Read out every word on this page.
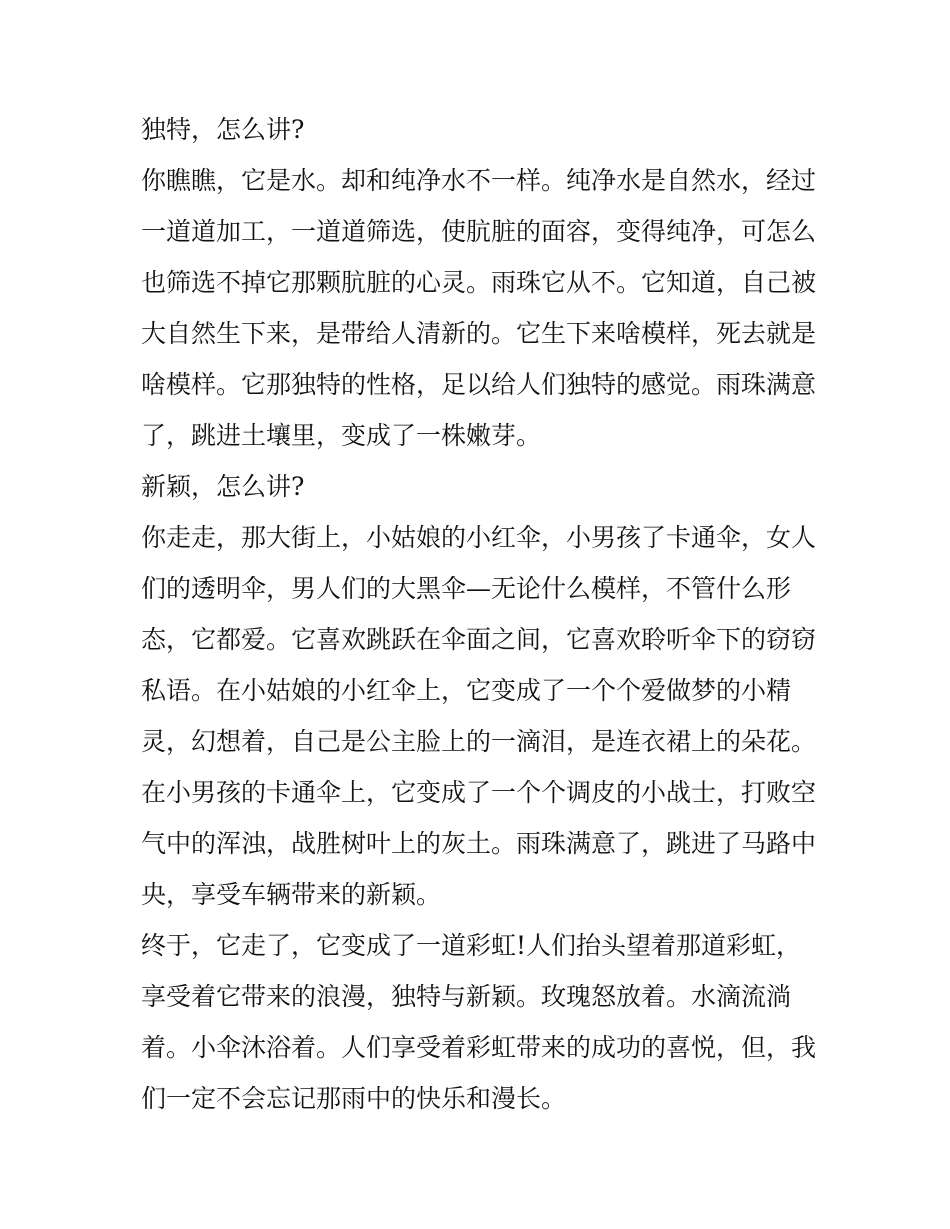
独特，怎么讲?
你瞧瞧，它是水。却和纯净水不一样。纯净水是自然水，经过
一道道加工，一道道筛选，使肮脏的面容，变得纯净，可怎么
也筛选不掉它那颗肮脏的心灵。雨珠它从不。它知道，自己被
大自然生下来，是带给人清新的。它生下来啥模样，死去就是
啥模样。它那独特的性格，足以给人们独特的感觉。雨珠满意
了，跳进土壤里，变成了一株嫩芽。
新颖，怎么讲?
你走走，那大街上，小姑娘的小红伞，小男孩了卡通伞，女人
们的透明伞，男人们的大黑伞—无论什么模样，不管什么形
态，它都爱。它喜欢跳跃在伞面之间，它喜欢聆听伞下的窃窃
私语。在小姑娘的小红伞上，它变成了一个个爱做梦的小精
灵，幻想着，自己是公主脸上的一滴泪，是连衣裙上的朵花。
在小男孩的卡通伞上，它变成了一个个调皮的小战士，打败空
气中的浑浊，战胜树叶上的灰土。雨珠满意了，跳进了马路中
央，享受车辆带来的新颖。
终于，它走了，它变成了一道彩虹!人们抬头望着那道彩虹，
享受着它带来的浪漫，独特与新颖。玫瑰怒放着。水滴流淌
着。小伞沐浴着。人们享受着彩虹带来的成功的喜悦，但，我
们一定不会忘记那雨中的快乐和漫长。
